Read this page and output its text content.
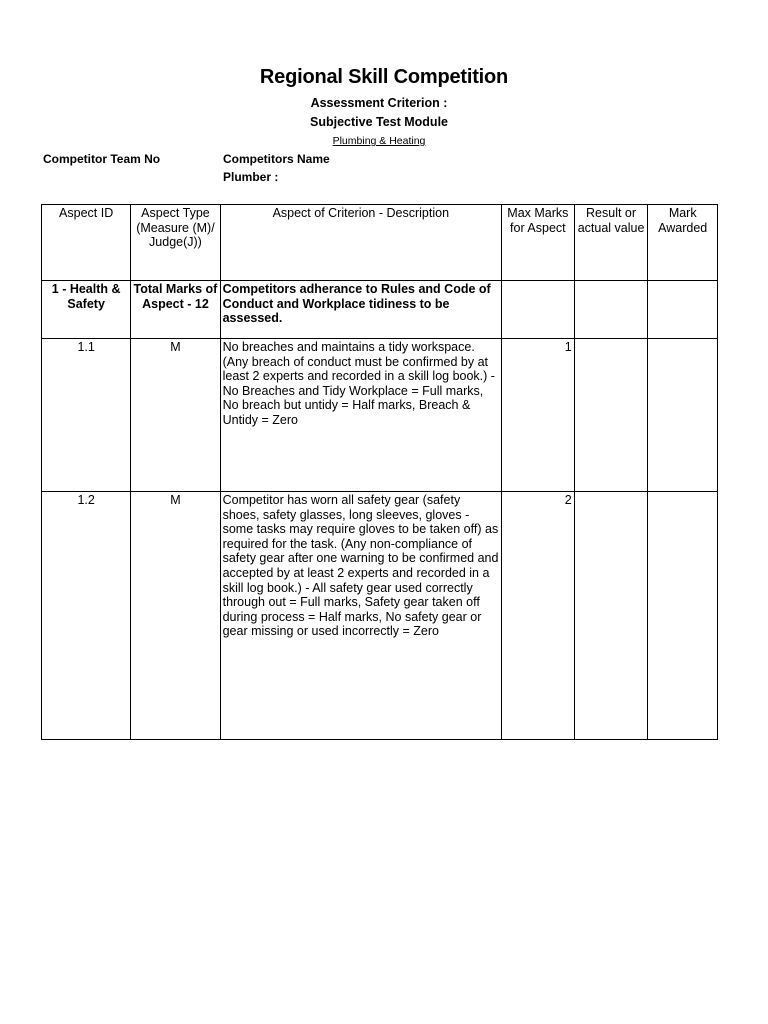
Regional Skill Competition
Assessment Criterion :
Subjective Test Module
Plumbing & Heating
Competitor Team No	Competitors Name
Plumber :
Aspect ID	Aspect Type (Measure (M)/ Judge(J))	Aspect of Criterion - Description	Max Marks for Aspect	Result or actual value	Mark Awarded
1 - Health & Safety	Total Marks of Aspect - 12	Competitors adherance to Rules and Code of Conduct and Workplace tidiness to be assessed.			
1.1	M	No breaches and maintains a tidy workspace. (Any breach of conduct must be confirmed by at least 2 experts and recorded in a skill log book.) - No Breaches and Tidy Workplace = Full marks, No breach but untidy = Half marks, Breach & Untidy = Zero	1		
1.2	M	Competitor has worn all safety gear (safety shoes, safety glasses, long sleeves, gloves - some tasks may require gloves to be taken off) as required for the task. (Any non-compliance of safety gear after one warning to be confirmed and accepted by at least 2 experts and recorded in a skill log book.) - All safety gear used correctly through out = Full marks, Safety gear taken off during process = Half marks, No safety gear or gear missing or used incorrectly = Zero	2		
